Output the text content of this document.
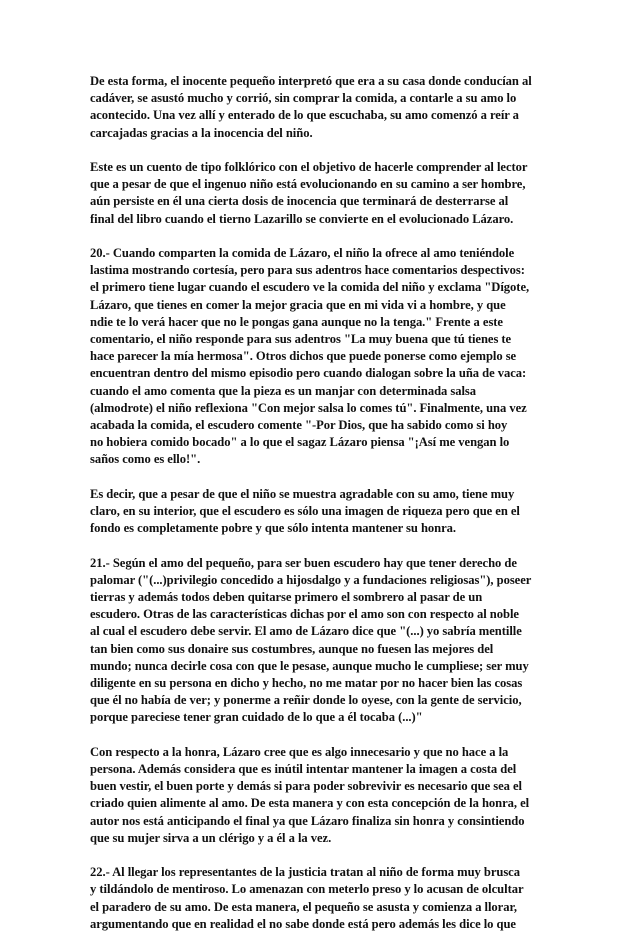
De esta forma, el inocente pequeño interpretó que era a su casa donde conducían al
cadáver, se asustó mucho y corrió, sin comprar la comida, a contarle a su amo lo
acontecido. Una vez allí y enterado de lo que escuchaba, su amo comenzó a reír a
carcajadas gracias a la inocencia del niño.

Este es un cuento de tipo folklórico con el objetivo de hacerle comprender al lector
que a pesar de que el ingenuo niño está evolucionando en su camino a ser hombre,
aún persiste en él una cierta dosis de inocencia que terminará de desterrarse al
final del libro cuando el tierno Lazarillo se convierte en el evolucionado Lázaro.

20.- Cuando comparten la comida de Lázaro, el niño la ofrece al amo teniéndole
lastima mostrando cortesía, pero para sus adentros hace comentarios despectivos:
el primero tiene lugar cuando el escudero ve la comida del niño y exclama "Dígote,
Lázaro, que tienes en comer la mejor gracia que en mi vida vi a hombre, y que
ndie te lo verá hacer que no le pongas gana aunque no la tenga." Frente a este
comentario, el niño responde para sus adentros "La muy buena que tú tienes te
hace parecer la mía hermosa". Otros dichos que puede ponerse como ejemplo se
encuentran dentro del mismo episodio pero cuando dialogan sobre la uña de vaca:
cuando el amo comenta que la pieza es un manjar con determinada salsa
(almodrote) el niño reflexiona "Con mejor salsa lo comes tú". Finalmente, una vez
acabada la comida, el escudero comente "-Por Dios, que ha sabido como si hoy
no hobiera comido bocado" a lo que el sagaz Lázaro piensa "¡Así me vengan lo
saños como es ello!".

Es decir, que a pesar de que el niño se muestra agradable con su amo, tiene muy
claro, en su interior, que el escudero es sólo una imagen de riqueza pero que en el
fondo es completamente pobre y que sólo intenta mantener su honra.

21.- Según el amo del pequeño, para ser buen escudero hay que tener derecho de
palomar ("(...)privilegio concedido a hijosdalgo y a fundaciones religiosas"), poseer
tierras y además todos deben quitarse primero el sombrero al pasar de un
escudero. Otras de las características dichas por el amo son con respecto al noble
al cual el escudero debe servir. El amo de Lázaro dice que "(...) yo sabría mentille
tan bien como sus donaire sus costumbres, aunque no fuesen las mejores del
mundo; nunca decirle cosa con que le pesase, aunque mucho le cumpliese; ser muy
diligente en su persona en dicho y hecho, no me matar por no hacer bien las cosas
que él no había de ver; y ponerme a reñir donde lo oyese, con la gente de servicio,
porque pareciese tener gran cuidado de lo que a él tocaba (...)"

Con respecto a la honra, Lázaro cree que es algo innecesario y que no hace a la
persona. Además considera que es inútil intentar mantener la imagen a costa del
buen vestir, el buen porte y demás si para poder sobrevivir es necesario que sea el
criado quien alimente al amo. De esta manera y con esta concepción de la honra, el
autor nos está anticipando el final ya que Lázaro finaliza sin honra y consintiendo
que su mujer sirva a un clérigo y a él a la vez.

22.- Al llegar los representantes de la justicia tratan al niño de forma muy brusca
y tildándolo de mentiroso. Lo amenazan con meterlo preso y lo acusan de olcultar
el paradero de su amo. De esta manera, el pequeño se asusta y comienza a llorar,
argumentando que en realidad el no sabe donde está pero además les dice lo que
